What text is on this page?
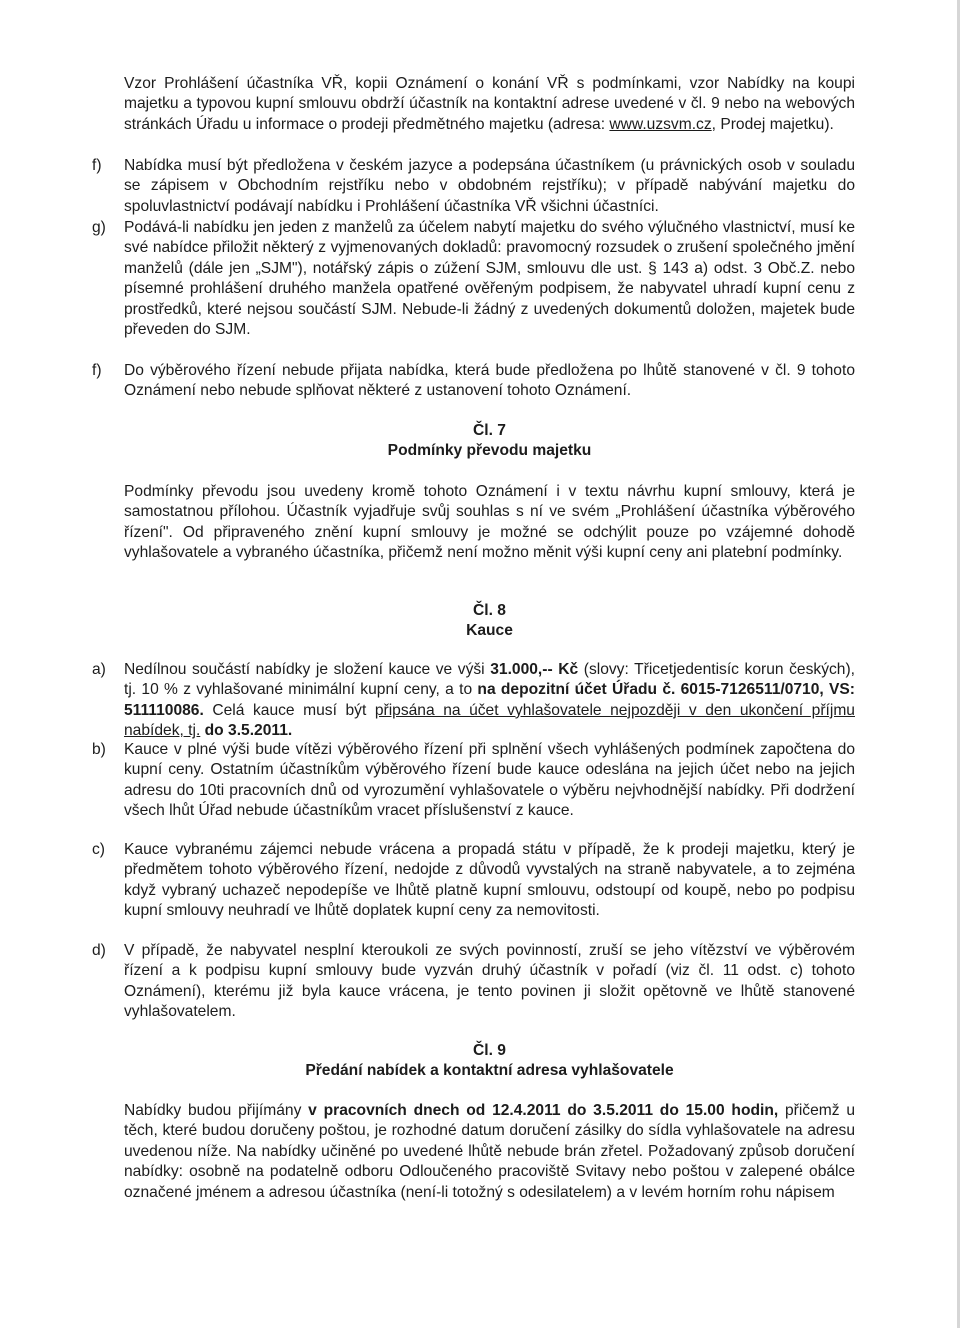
Vzor Prohlášení účastníka VŘ, kopii Oznámení o konání VŘ s podmínkami, vzor Nabídky na koupi majetku a typovou kupní smlouvu obdrží účastník na kontaktní adrese uvedené v čl. 9 nebo na webových stránkách Úřadu u informace o prodeji předmětného majetku (adresa: www.uzsvm.cz, Prodej majetku).
f)	Nabídka musí být předložena v českém jazyce a podepsána účastníkem (u právnických osob v souladu se zápisem v Obchodním rejstříku nebo v obdobném rejstříku); v případě nabývání majetku do spoluvlastnictví podávají nabídku i Prohlášení účastníka VŘ všichni účastníci.
g)	Podává-li nabídku jen jeden z manželů za účelem nabytí majetku do svého výlučného vlastnictví, musí ke své nabídce přiložit některý z vyjmenovaných dokladů: pravomocný rozsudek o zrušení společného jmění manželů (dále jen „SJM"), notářský zápis o zúžení SJM, smlouvu dle ust. § 143 a) odst. 3 Obč.Z. nebo písemné prohlášení druhého manžela opatřené ověřeným podpisem, že nabyvatel uhradí kupní cenu z prostředků, které nejsou součástí SJM. Nebude-li žádný z uvedených dokumentů doložen, majetek bude převeden do SJM.
f)	Do výběrového řízení nebude přijata nabídka, která bude předložena po lhůtě stanovené v čl. 9 tohoto Oznámení nebo nebude splňovat některé z ustanovení tohoto Oznámení.
Čl. 7
Podmínky převodu majetku
Podmínky převodu jsou uvedeny kromě tohoto Oznámení i v textu návrhu kupní smlouvy, která je samostatnou přílohou. Účastník vyjadřuje svůj souhlas s ní ve svém „Prohlášení účastníka výběrového řízení". Od připraveného znění kupní smlouvy je možné se odchýlit pouze po vzájemné dohodě vyhlašovatele a vybraného účastníka, přičemž není možno měnit výši kupní ceny ani platební podmínky.
Čl. 8
Kauce
a)	Nedílnou součástí nabídky je složení kauce ve výši 31.000,-- Kč (slovy: Třicetjedentisíc korun českých), tj. 10 % z vyhlašované minimální kupní ceny, a to na depozitní účet Úřadu č. 6015-7126511/0710, VS: 511110086. Celá kauce musí být připsána na účet vyhlašovatele nejpozději v den ukončení příjmu nabídek, tj. do 3.5.2011.
b)	Kauce v plné výši bude vítězi výběrového řízení při splnění všech vyhlášených podmínek započtena do kupní ceny. Ostatním účastníkům výběrového řízení bude kauce odeslána na jejich účet nebo na jejich adresu do 10ti pracovních dnů od vyrozumění vyhlašovatele o výběru nejvhodnější nabídky. Při dodržení všech lhůt Úřad nebude účastníkům vracet příslušenství z kauce.
c)	Kauce vybranému zájemci nebude vrácena a propadá státu v případě, že k prodeji majetku, který je předmětem tohoto výběrového řízení, nedojde z důvodů vyvstalých na straně nabyvatele, a to zejména když vybraný uchazeč nepodepíše ve lhůtě platně kupní smlouvu, odstoupí od koupě, nebo po podpisu kupní smlouvy neuhradí ve lhůtě doplatek kupní ceny za nemovitosti.
d)	V případě, že nabyvatel nesplní kteroukoli ze svých povinností, zruší se jeho vítězství ve výběrovém řízení a k podpisu kupní smlouvy bude vyzván druhý účastník v pořadí (viz čl. 11 odst. c) tohoto Oznámení), kterému již byla kauce vrácena, je tento povinen ji složit opětovně ve lhůtě stanovené vyhlašovatelem.
Čl. 9
Předání nabídek a kontaktní adresa vyhlašovatele
Nabídky budou přijímány v pracovních dnech od 12.4.2011 do 3.5.2011 do 15.00 hodin, přičemž u těch, které budou doručeny poštou, je rozhodné datum doručení zásilky do sídla vyhlašovatele na adresu uvedenou níže. Na nabídky učiněné po uvedené lhůtě nebude brán zřetel. Požadovaný způsob doručení nabídky: osobně na podatelně odboru Odloučeného pracoviště Svitavy nebo poštou v zalepené obálce označené jménem a adresou účastníka (není-li totožný s odesilatelem) a v levém horním rohu nápisem
